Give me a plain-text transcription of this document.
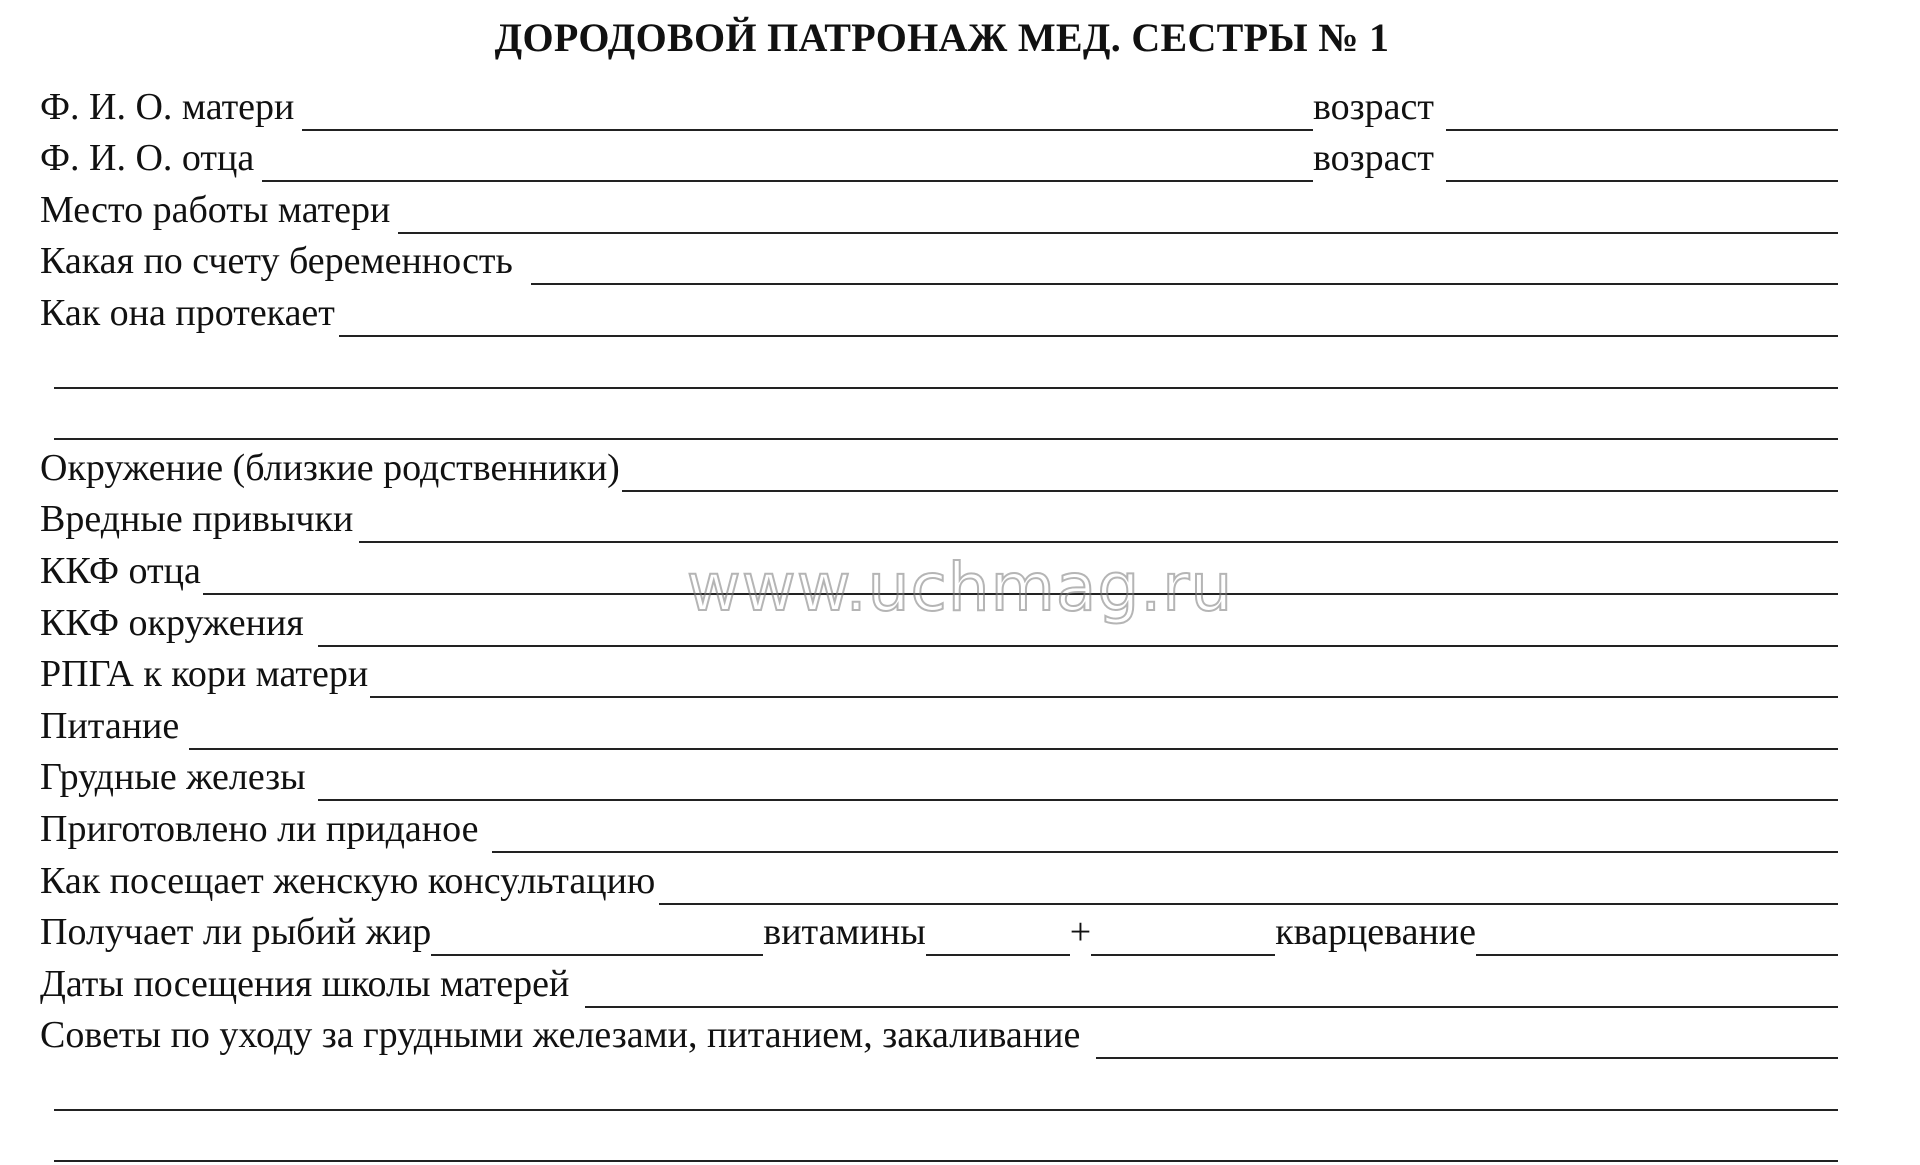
ДОРОДОВОЙ ПАТРОНАЖ МЕД. СЕСТРЫ № 1
Ф. И. О. матери	возраст
Ф. И. О. отца	возраст
Место работы матери
Какая по счету беременность
Как она протекает
Окружение (близкие родственники)
Вредные привычки
ККФ отца
ККФ окружения
РПГА к кори матери
Питание
Грудные железы
Приготовлено ли приданое
Как посещает женскую консультацию
Получает ли рыбий жир	витамины	+	кварцевание
Даты посещения школы матерей
Советы по уходу за грудными железами, питанием, закаливание
www.uchmag.ru
